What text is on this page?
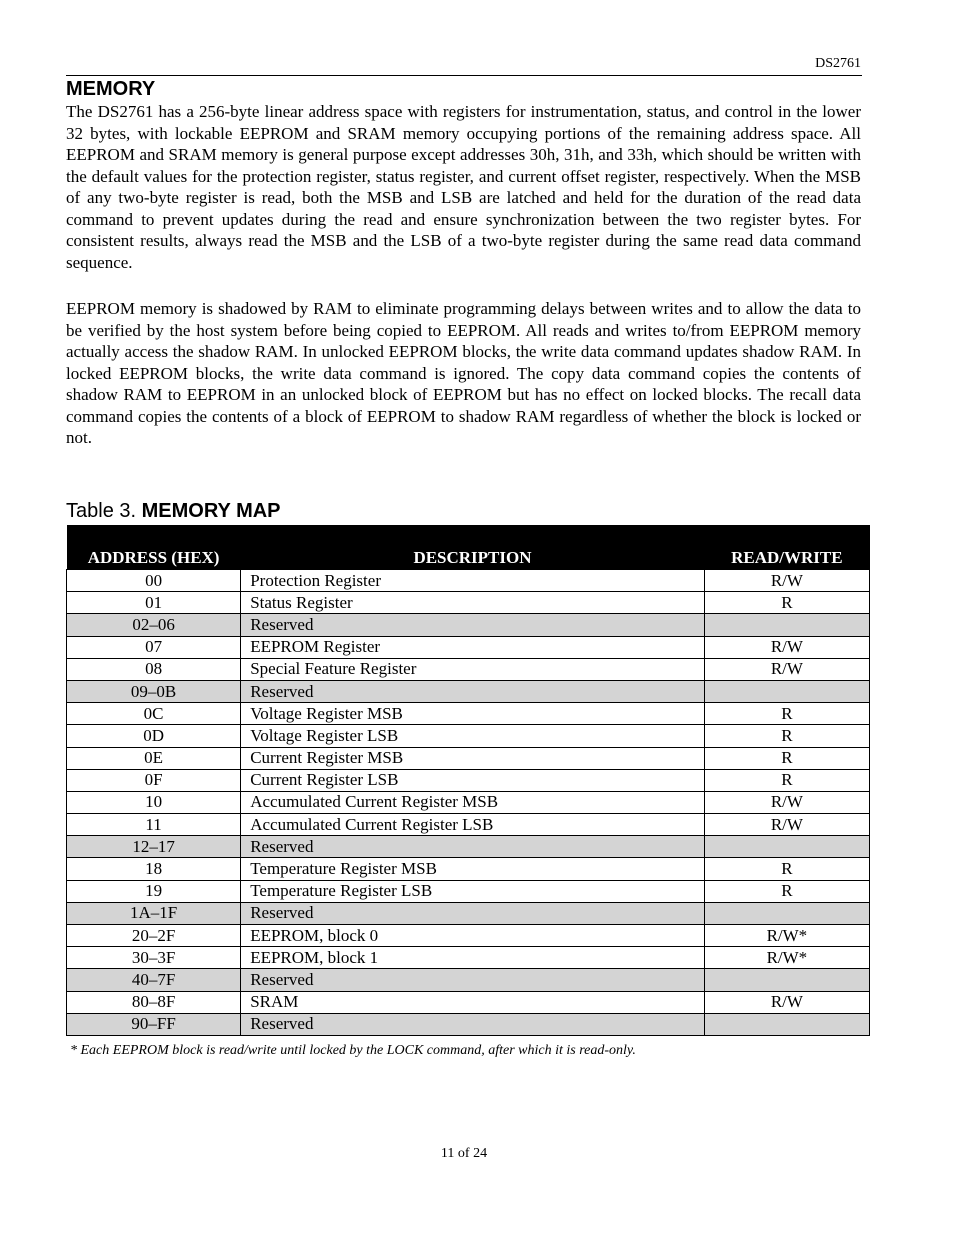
DS2761
MEMORY

The DS2761 has a 256-byte linear address space with registers for instrumentation, status, and control in the lower 32 bytes, with lockable EEPROM and SRAM memory occupying portions of the remaining address space. All EEPROM and SRAM memory is general purpose except addresses 30h, 31h, and 33h, which should be written with the default values for the protection register, status register, and current offset register, respectively. When the MSB of any two-byte register is read, both the MSB and LSB are latched and held for the duration of the read data command to prevent updates during the read and ensure synchronization between the two register bytes. For consistent results, always read the MSB and the LSB of a two-byte register during the same read data command sequence.

EEPROM memory is shadowed by RAM to eliminate programming delays between writes and to allow the data to be verified by the host system before being copied to EEPROM. All reads and writes to/from EEPROM memory actually access the shadow RAM. In unlocked EEPROM blocks, the write data command updates shadow RAM. In locked EEPROM blocks, the write data command is ignored. The copy data command copies the contents of shadow RAM to EEPROM in an unlocked block of EEPROM but has no effect on locked blocks. The recall data command copies the contents of a block of EEPROM to shadow RAM regardless of whether the block is locked or not.

Table 3. MEMORY MAP

ADDRESS (HEX)	DESCRIPTION	READ/WRITE
00	Protection Register	R/W
01	Status Register	R
02–06	Reserved	
07	EEPROM Register	R/W
08	Special Feature Register	R/W
09–0B	Reserved	
0C	Voltage Register MSB	R
0D	Voltage Register LSB	R
0E	Current Register MSB	R
0F	Current Register LSB	R
10	Accumulated Current Register MSB	R/W
11	Accumulated Current Register LSB	R/W
12–17	Reserved	
18	Temperature Register MSB	R
19	Temperature Register LSB	R
1A–1F	Reserved	
20–2F	EEPROM, block 0	R/W*
30–3F	EEPROM, block 1	R/W*
40–7F	Reserved	
80–8F	SRAM	R/W
90–FF	Reserved	

* Each EEPROM block is read/write until locked by the LOCK command, after which it is read-only.

11 of 24
